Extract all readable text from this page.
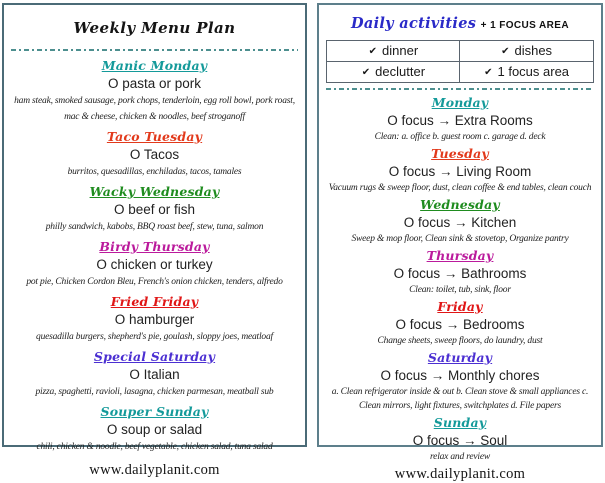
Weekly Menu Plan
Manic Monday
O pasta or pork
ham steak, smoked sausage, pork chops, tenderloin, egg roll bowl, pork roast, mac & cheese, chicken & noodles, beef stroganoff
Taco Tuesday
O Tacos
burritos, quesadillas, enchiladas, tacos, tamales
Wacky Wednesday
O beef or fish
philly sandwich, kabobs, BBQ roast beef, stew, tuna, salmon
Birdy Thursday
O chicken or turkey
pot pie, Chicken Cordon Bleu, French's onion chicken, tenders, alfredo
Fried Friday
O hamburger
quesadilla burgers, shepherd's pie, goulash, sloppy joes, meatloaf
Special Saturday
O Italian
pizza, spaghetti, ravioli, lasagna, chicken parmesan, meatball sub
Souper Sunday
O soup or salad
chili, chicken & noodle, beef vegetable, chicken salad, tuna salad
www.dailyplanit.com
Daily activities + 1 FOCUS AREA
✔ dinner	✔ dishes
✔ declutter	✔ 1 focus area
Monday
O focus → Extra Rooms
Clean: a. office b. guest room c. garage d. deck
Tuesday
O focus → Living Room
Vacuum rugs & sweep floor, dust, clean coffee & end tables, clean couch
Wednesday
O focus → Kitchen
Sweep & mop floor, Clean sink & stovetop, Organize pantry
Thursday
O focus → Bathrooms
Clean: toilet, tub, sink, floor
Friday
O focus → Bedrooms
Change sheets, sweep floors, do laundry, dust
Saturday
O focus → Monthly chores
a. Clean refrigerator inside & out b. Clean stove & small appliances c. Clean mirrors, light fixtures, switchplates d. File papers
Sunday
O focus → Soul
relax and review
www.dailyplanit.com
